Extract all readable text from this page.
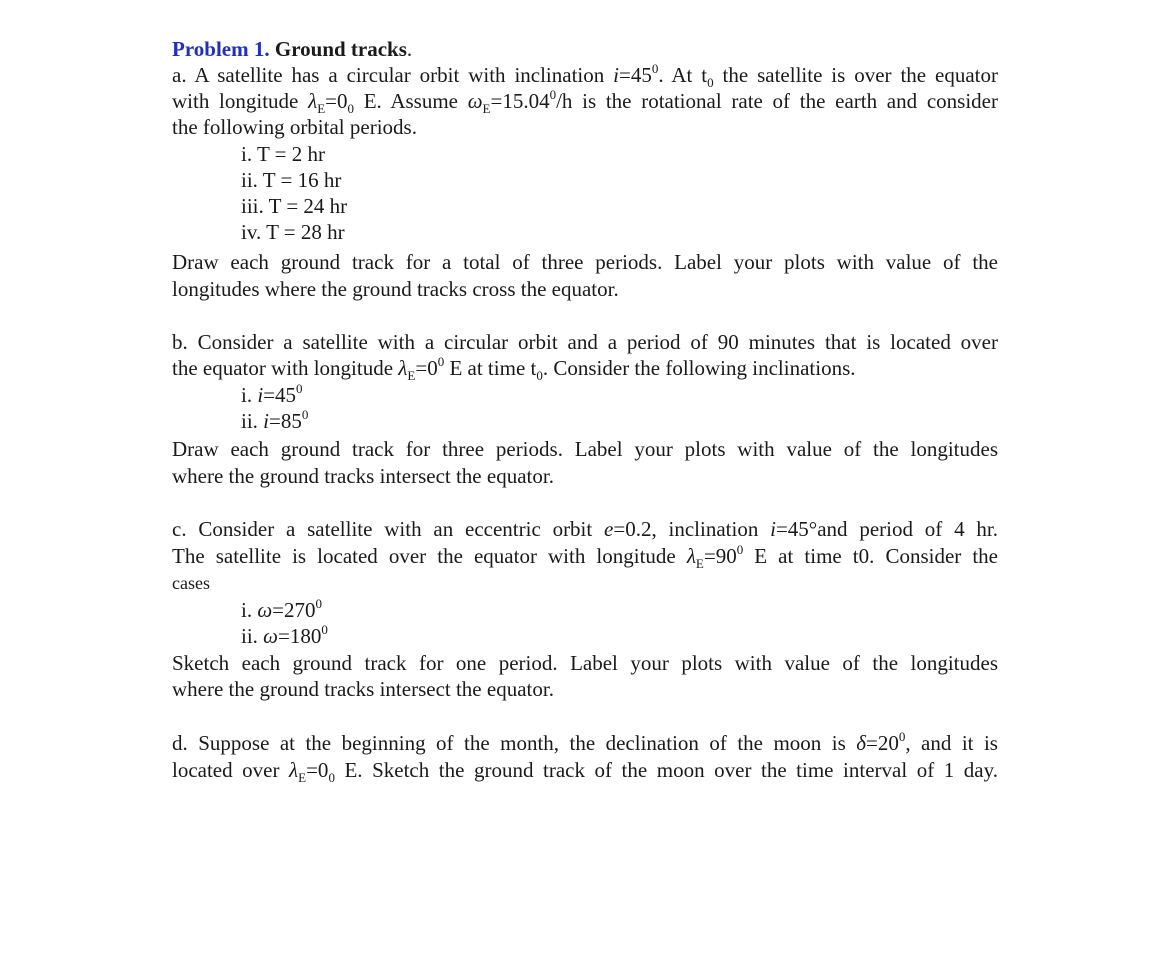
Problem 1. Ground tracks.
a. A satellite has a circular orbit with inclination $i=45^0$. At $t_0$ the satellite is over the equator
with longitude $\lambda_E=0_0$ E. Assume $\omega_E=15.04^0/h$ is the rotational rate of the earth and consider
the following orbital periods.
i. T = 2 hr
ii. T = 16 hr
iii. T = 24 hr
iv. T = 28 hr
Draw each ground track for a total of three periods. Label your plots with value of the
longitudes where the ground tracks cross the equator.
b. Consider a satellite with a circular orbit and a period of 90 minutes that is located over
the equator with longitude $\lambda_E=0^0$ E at time $t_0$. Consider the following inclinations.
i. $i=45^0$
ii. $i=85^0$
Draw each ground track for three periods. Label your plots with value of the longitudes
where the ground tracks intersect the equator.
c. Consider a satellite with an eccentric orbit e=0.2, inclination i=45°and period of 4 hr.
The satellite is located over the equator with longitude $\lambda_E=90^0$ E at time t0. Consider the
cases
i. $\omega=270^0$
ii. $\omega=180^0$
Sketch each ground track for one period. Label your plots with value of the longitudes
where the ground tracks intersect the equator.
d. Suppose at the beginning of the month, the declination of the moon is $\delta=20^0$, and it is
located over $\lambda_E=0_0$ E. Sketch the ground track of the moon over the time interval of 1 day.
